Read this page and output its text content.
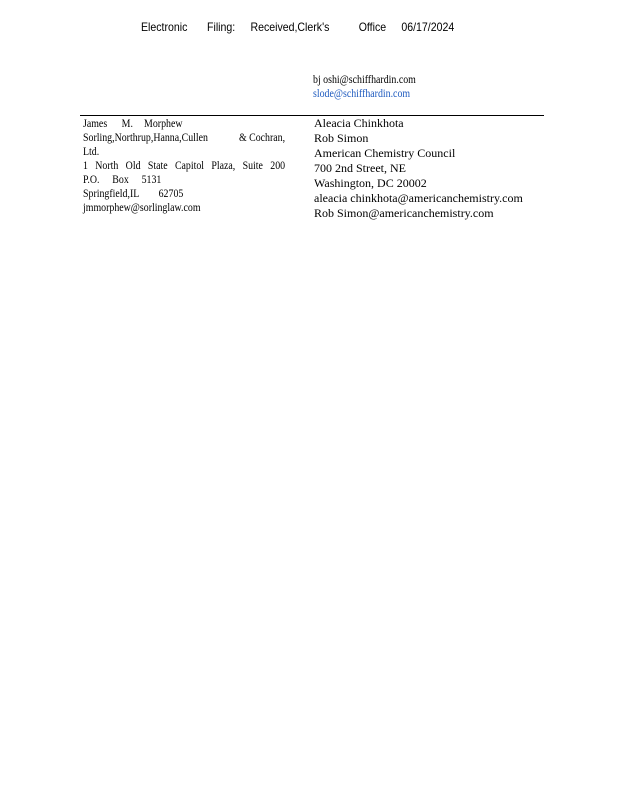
Electronic Filing: Received,Clerk's Office 06/17/2024
bj oshi@schiffhardin.com
slode@schiffhardin.com
James M. Morphew
Sorling,Northrup,Hanna,Cullen	& Cochran,
Ltd.
1 North Old State Capitol Plaza, Suite 200
P.O. Box 5131
Springfield,IL 62705
jmmorphew@sorlinglaw.com
Aleacia Chinkhota
Rob Simon
American Chemistry Council
700 2nd Street, NE
Washington, DC 20002
aleacia chinkhota@americanchemistry.com
Rob Simon@americanchemistry.com
